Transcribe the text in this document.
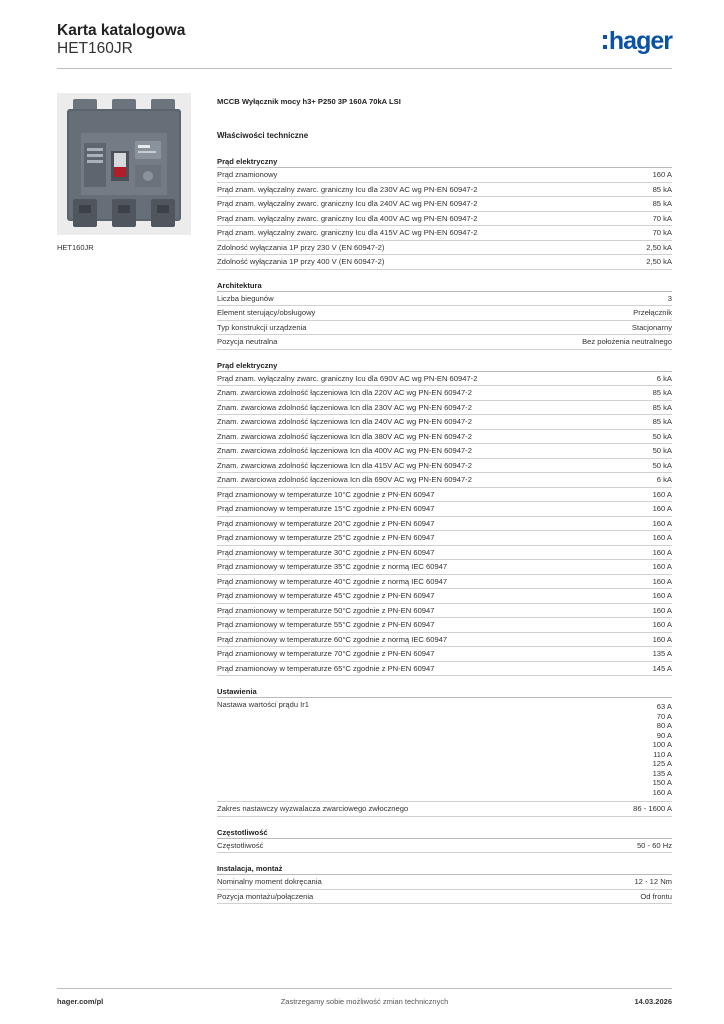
Karta katalogowa
HET160JR	hager
HET160JR
MCCB Wyłącznik mocy h3+ P250 3P 160A 70kA LSI
Właściwości techniczne
Prąd elektryczny
Prąd znamionowy	160 A
Prąd znam. wyłączalny zwarc. graniczny Icu dla 230V AC wg PN-EN 60947-2	85 kA
Prąd znam. wyłączalny zwarc. graniczny Icu dla 240V AC wg PN-EN 60947-2	85 kA
Prąd znam. wyłączalny zwarc. graniczny Icu dla 400V AC wg PN-EN 60947-2	70 kA
Prąd znam. wyłączalny zwarc. graniczny Icu dla 415V AC wg PN-EN 60947-2	70 kA
Zdolność wyłączania 1P przy 230 V (EN 60947-2)	2,50 kA
Zdolność wyłączania 1P przy 400 V (EN 60947-2)	2,50 kA
Architektura
Liczba biegunów	3
Element sterujący/obsługowy	Przełącznik
Typ konstrukcji urządzenia	Stacjonarny
Pozycja neutralna	Bez położenia neutralnego
Prąd elektryczny
Prąd znam. wyłączalny zwarc. graniczny Icu dla 690V AC wg PN-EN 60947-2	6 kA
Znam. zwarciowa zdolność łączeniowa Icn dla 220V AC wg PN-EN 60947-2	85 kA
Znam. zwarciowa zdolność łączeniowa Icn dla 230V AC wg PN-EN 60947-2	85 kA
Znam. zwarciowa zdolność łączeniowa Icn dla 240V AC wg PN-EN 60947-2	85 kA
Znam. zwarciowa zdolność łączeniowa Icn dla 380V AC wg PN-EN 60947-2	50 kA
Znam. zwarciowa zdolność łączeniowa Icn dla 400V AC wg PN-EN 60947-2	50 kA
Znam. zwarciowa zdolność łączeniowa Icn dla 415V AC wg PN-EN 60947-2	50 kA
Znam. zwarciowa zdolność łączeniowa Icn dla 690V AC wg PN-EN 60947-2	6 kA
Prąd znamionowy w temperaturze 10°C zgodnie z PN-EN 60947	160 A
Prąd znamionowy w temperaturze 15°C zgodnie z PN-EN 60947	160 A
Prąd znamionowy w temperaturze 20°C zgodnie z PN-EN 60947	160 A
Prąd znamionowy w temperaturze 25°C zgodnie z PN-EN 60947	160 A
Prąd znamionowy w temperaturze 30°C zgodnie z PN-EN 60947	160 A
Prąd znamionowy w temperaturze 35°C zgodnie z normą IEC 60947	160 A
Prąd znamionowy w temperaturze 40°C zgodnie z normą IEC 60947	160 A
Prąd znamionowy w temperaturze 45°C zgodnie z PN-EN 60947	160 A
Prąd znamionowy w temperaturze 50°C zgodnie z PN-EN 60947	160 A
Prąd znamionowy w temperaturze 55°C zgodnie z PN-EN 60947	160 A
Prąd znamionowy w temperaturze 60°C zgodnie z normą IEC 60947	160 A
Prąd znamionowy w temperaturze 70°C zgodnie z PN-EN 60947	135 A
Prąd znamionowy w temperaturze 65°C zgodnie z PN-EN 60947	145 A
Ustawienia
Nastawa wartości prądu Ir1	63 A
70 A
80 A
90 A
100 A
110 A
125 A
135 A
150 A
160 A
Zakres nastawczy wyzwalacza zwarciowego zwłocznego	86 - 1600 A
Częstotliwość
Częstotliwość	50 - 60 Hz
Instalacja, montaż
Nominalny moment dokręcania	12 - 12 Nm
Pozycja montażu/połączenia	Od frontu
hager.com/pl	Zastrzegamy sobie możliwość zmian technicznych	14.03.2026
